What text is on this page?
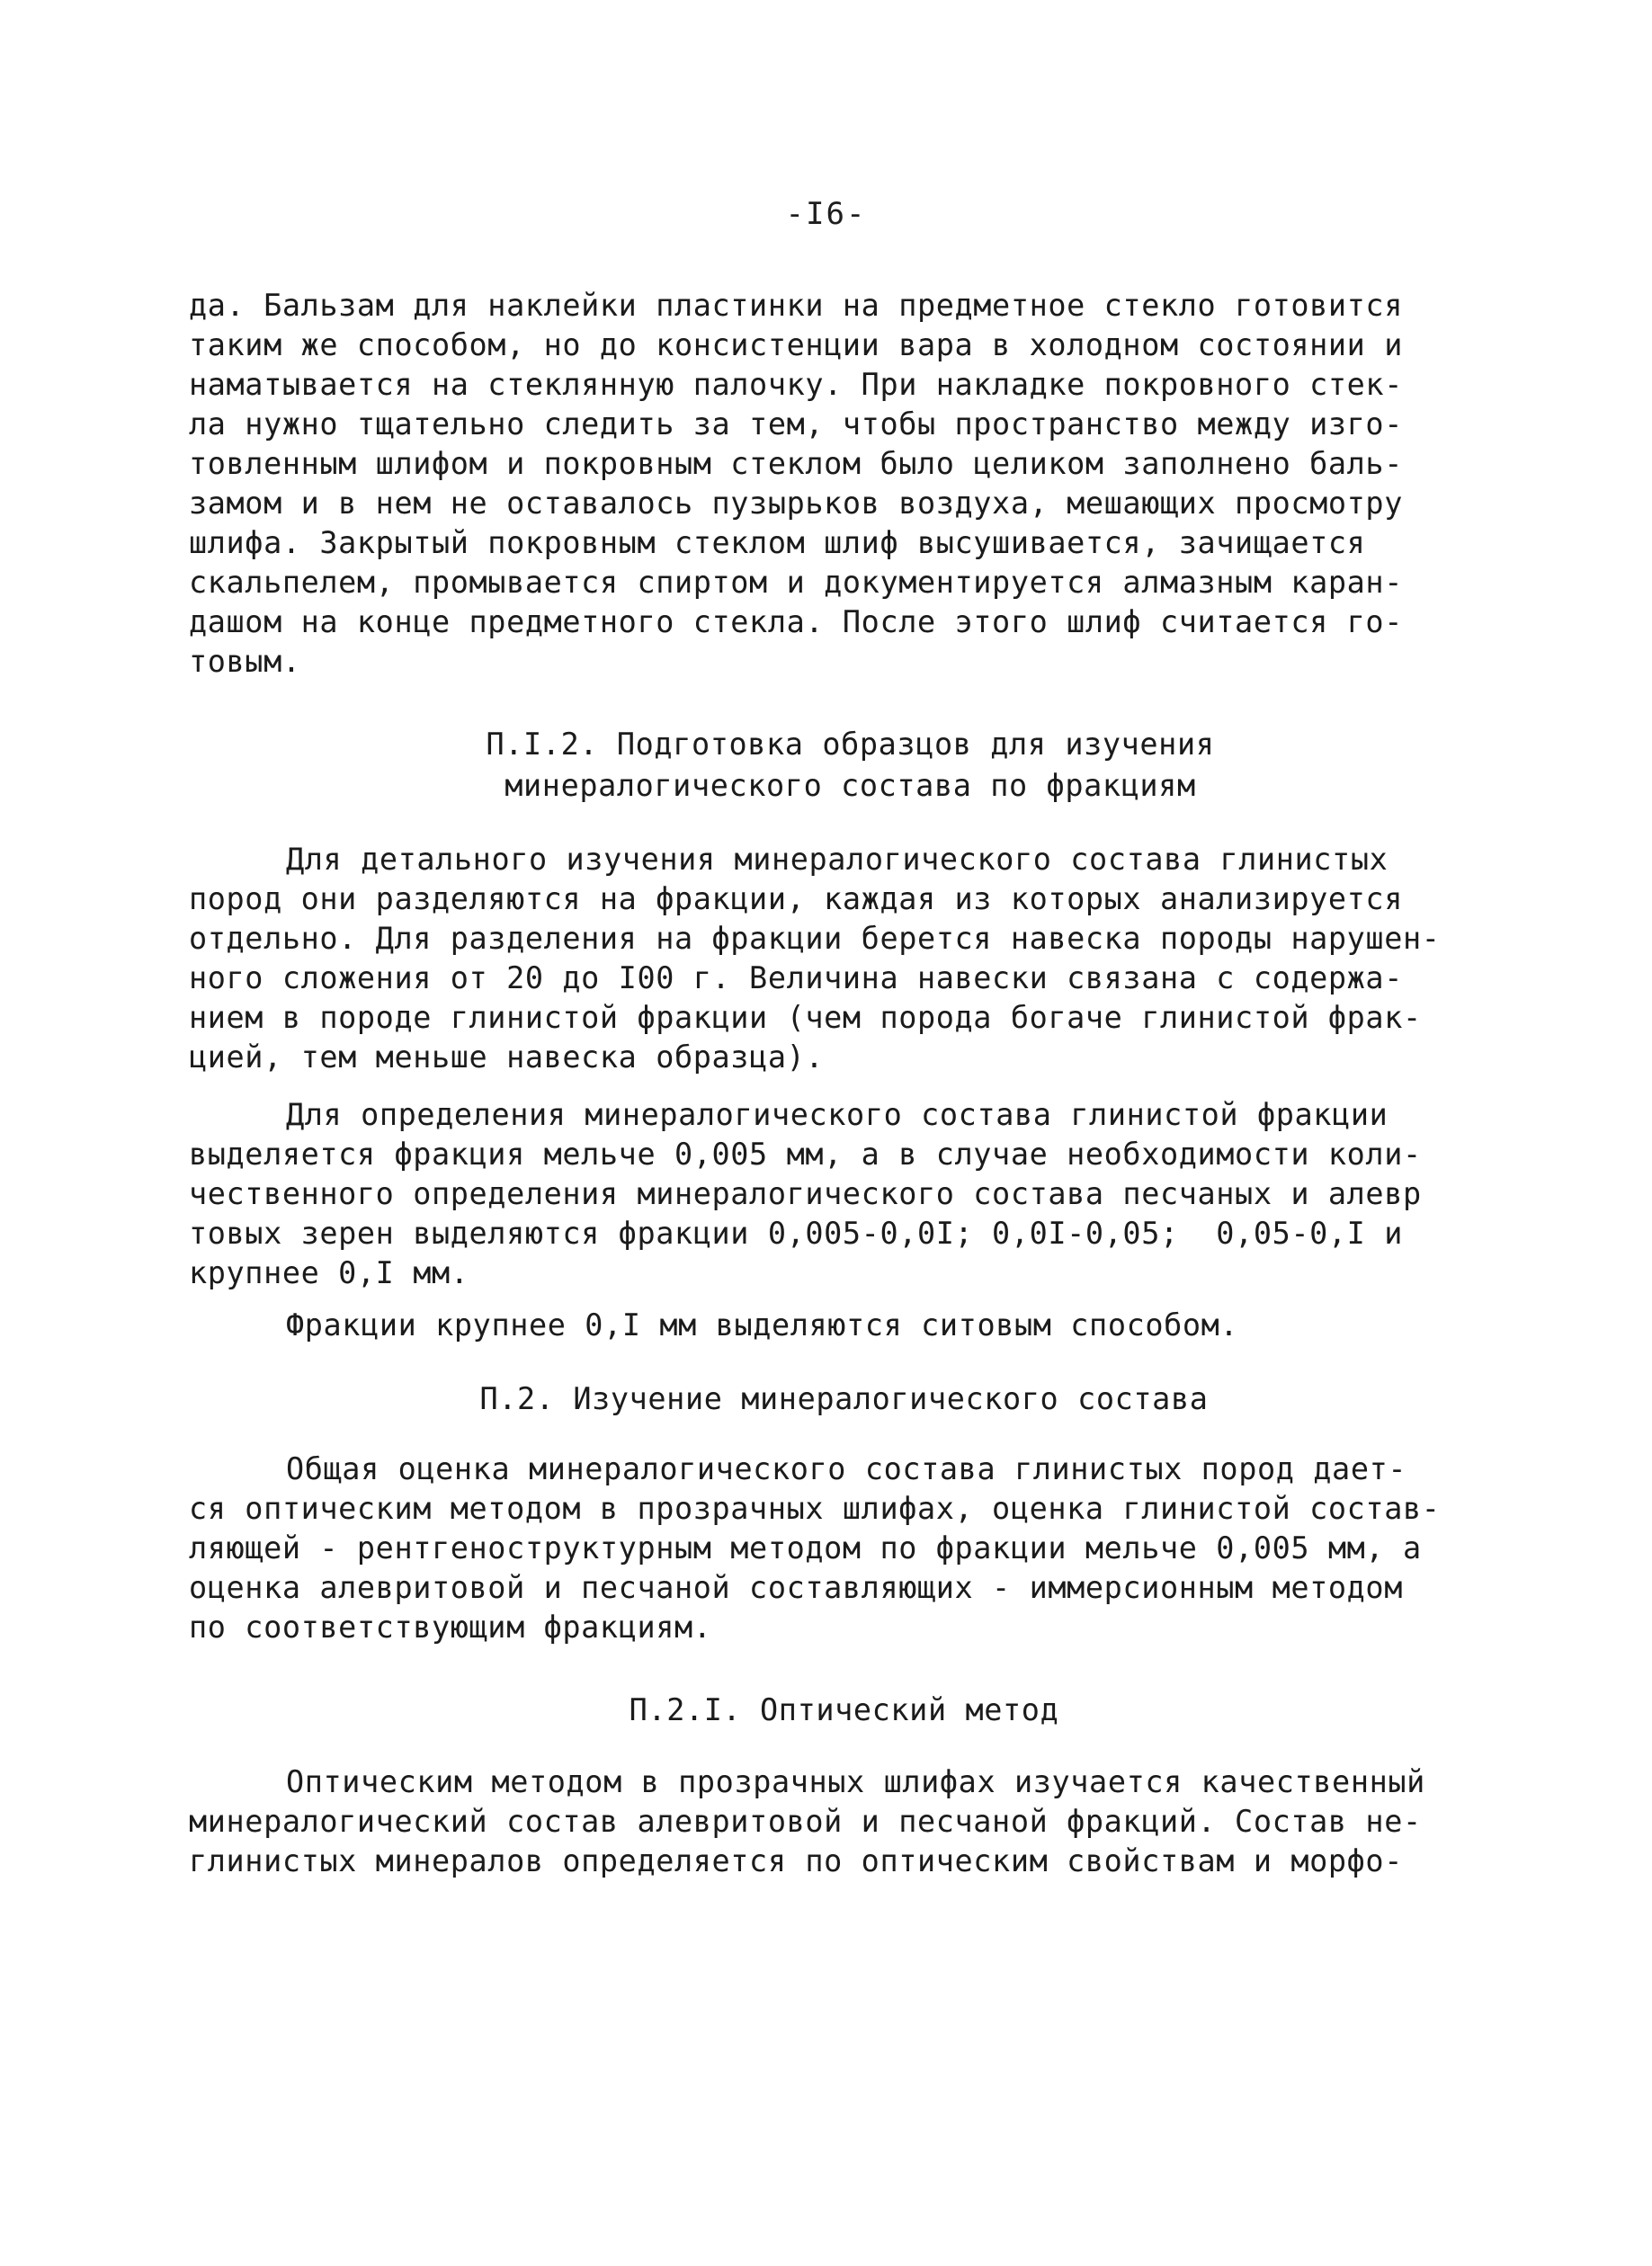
-I6-
да. Бальзам для наклейки пластинки на предметное стекло готовится
таким же способом, но до консистенции вара в холодном состоянии и
наматывается на стеклянную палочку. При накладке покровного стек-
ла нужно тщательно следить за тем, чтобы пространство между изго-
товленным шлифом и покровным стеклом было целиком заполнено баль-
замом и в нем не оставалось пузырьков воздуха, мешающих просмотру
шлифа. Закрытый покровным стеклом шлиф высушивается, зачищается
скальпелем, промывается спиртом и документируется алмазным каран-
дашом на конце предметного стекла. После этого шлиф считается го-
товым.
П.I.2. Подготовка образцов для изучения
минералогического состава по фракциям
Для детального изучения минералогического состава глинистых
пород они разделяются на фракции, каждая из которых анализируется
отдельно. Для разделения на фракции берется навеска породы нарушен-
ного сложения от 20 до I00 г. Величина навески связана с содержа-
нием в породе глинистой фракции (чем порода богаче глинистой фрак-
цией, тем меньше навеска образца).
Для определения минералогического состава глинистой фракции
выделяется фракция мельче 0,005 мм, а в случае необходимости коли-
чественного определения минералогического состава песчаных и алевр
товых зерен выделяются фракции 0,005-0,0I; 0,0I-0,05;  0,05-0,I и
крупнее 0,I мм.
Фракции крупнее 0,I мм выделяются ситовым способом.
П.2. Изучение минералогического состава
Общая оценка минералогического состава глинистых пород дает-
ся оптическим методом в прозрачных шлифах, оценка глинистой состав-
ляющей - рентгеноструктурным методом по фракции мельче 0,005 мм, а
оценка алевритовой и песчаной составляющих - иммерсионным методом
по соответствующим фракциям.
П.2.I. Оптический метод
Оптическим методом в прозрачных шлифах изучается качественный
минералогический состав алевритовой и песчаной фракций. Состав не-
глинистых минералов определяется по оптическим свойствам и морфо-
